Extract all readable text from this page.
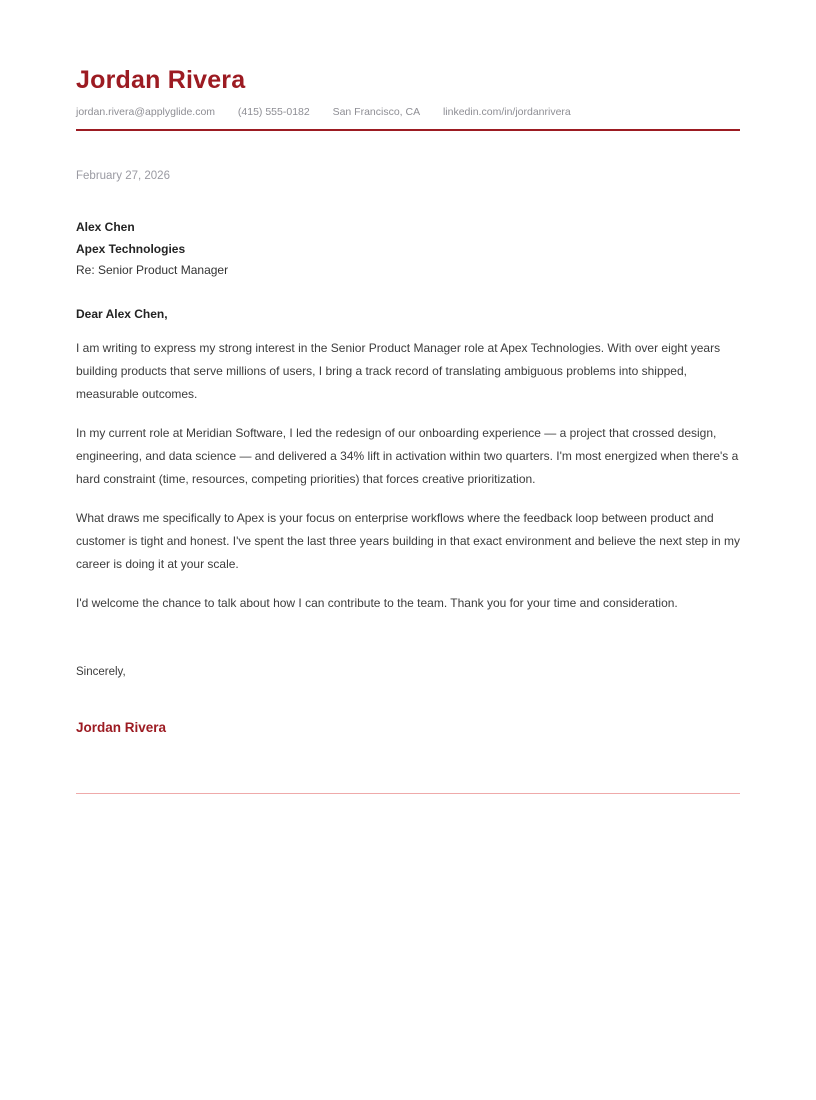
Jordan Rivera
jordan.rivera@applyglide.com (415) 555-0182 San Francisco, CA linkedin.com/in/jordanrivera
February 27, 2026
Alex Chen
Apex Technologies
Re: Senior Product Manager
Dear Alex Chen,

I am writing to express my strong interest in the Senior Product Manager role at Apex Technologies. With over eight years building products that serve millions of users, I bring a track record of translating ambiguous problems into shipped, measurable outcomes.

In my current role at Meridian Software, I led the redesign of our onboarding experience — a project that crossed design, engineering, and data science — and delivered a 34% lift in activation within two quarters. I'm most energized when there's a hard constraint (time, resources, competing priorities) that forces creative prioritization.

What draws me specifically to Apex is your focus on enterprise workflows where the feedback loop between product and customer is tight and honest. I've spent the last three years building in that exact environment and believe the next step in my career is doing it at your scale.

I'd welcome the chance to talk about how I can contribute to the team. Thank you for your time and consideration.

Sincerely,
Jordan Rivera
